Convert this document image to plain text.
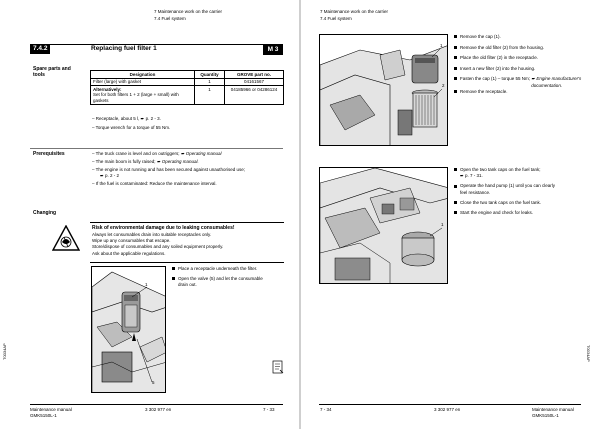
7 Maintenance work on the carrier
7.4 Fuel system
7.4.2	Replacing fuel filter 1	M 3
Spare parts and
tools	Designation	Quantity	GROVE part no.
Filter (large) with gasket	1	04161567

Alternatively:
Set for both filters 1 + 2 (large + small) with gaskets	1	04185966 or 04286124
– Receptacle, about 5 l, ➨ p. 2 - 3.
– Torque wrench for a torque of 55 Nm.
Prerequisites	– The truck crane is level and on outriggers; ➨ Operating manual
– The main boom is fully raised; ➨ Operating manual.
– The engine is not running and has been secured against unauthorised use;
➨ p. 2 - 2
– If the fuel is contaminated: Reduce the maintenance interval.
Changing
Risk of environmental damage due to leaking consumables!
Always let consumables drain into suitable receptacles only.
Wipe up any consumables that escape.
Store/dispose of consumables and any soiled equipment properly.
Ask about the applicable regulations.
1
5
Place a receptacle underneath the filter.
Open the valve (5) and let the consumable
drain out.
T0034AP
Maintenance manual
GMK5150L-1
3 302 977 en	7 - 33
7 Maintenance work on the carrier
7.4 Fuel system
1
2
Remove the cap (1).
Remove the old filter (2) from the housing.
Place the old filter (2) in the receptacle.
Insert a new filter (2) into the housing.
Fasten the cap (1) – torque 55 Nm; ➨ Engine manufacturer's documentation.
Remove the receptacle.
1
Open the two tank caps on the fuel tank;
➨ p. 7 - 31.
Operate the hand pump (1) until you can clearly
feel resistance.
Close the two tank caps on the fuel tank.
Start the engine and check for leaks.
T0034AP
7 - 34	3 302 977 en	Maintenance manual
GMK5150L-1
